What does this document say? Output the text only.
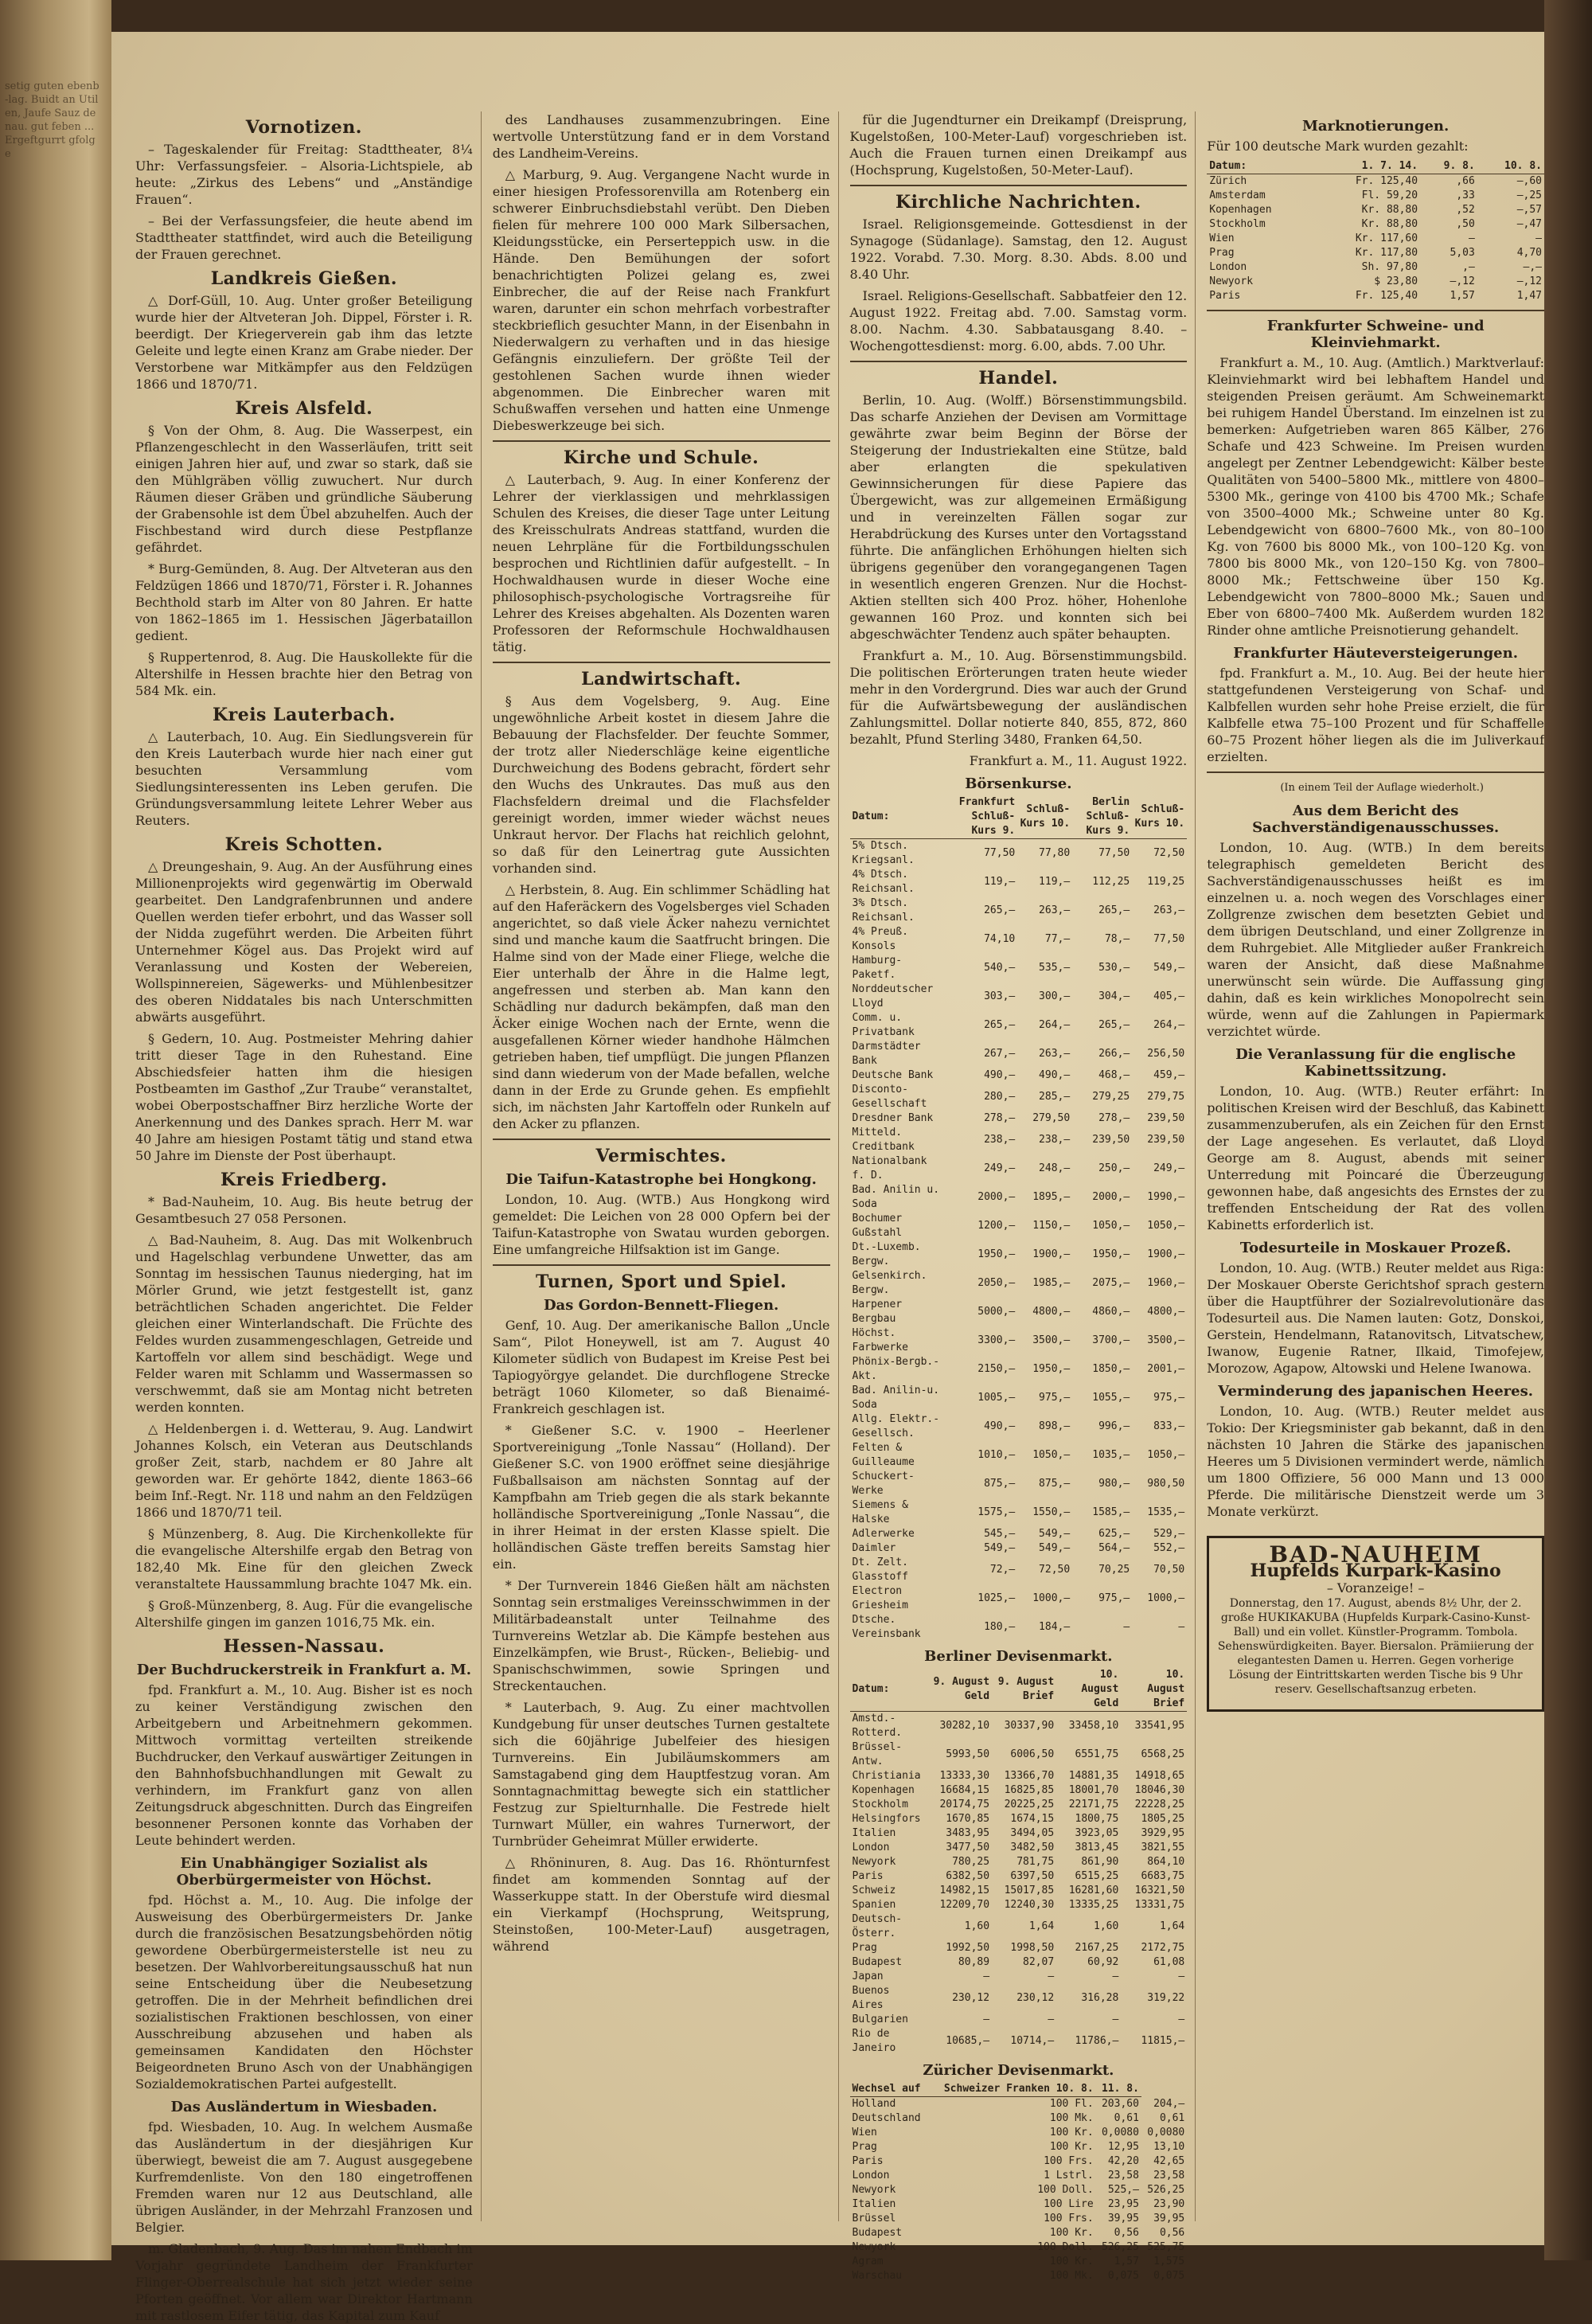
setig guten ebenb-lag. Buidt an Utilen, Jaufe Sauz denau. gut feben ...Ergeftgurrt gfolge
Vornotizen.

– Tageskalender für Freitag: Stadttheater, 8¼ Uhr: Verfassungsfeier. – Alsoria-Lichtspiele, ab heute: „Zirkus des Lebens“ und „Anständige Frauen“.

– Bei der Verfassungsfeier, die heute abend im Stadttheater stattfindet, wird auch die Beteiligung der Frauen gerechnet.

Landkreis Gießen.

△ Dorf-Güll, 10. Aug. Unter großer Beteiligung wurde hier der Altveteran Joh. Dippel, Förster i. R. beerdigt. Der Kriegerverein gab ihm das letzte Geleite und legte einen Kranz am Grabe nieder. Der Verstorbene war Mitkämpfer aus den Feldzügen 1866 und 1870/71.

Kreis Alsfeld.

§ Von der Ohm, 8. Aug. Die Wasserpest, ein Pflanzengeschlecht in den Wasserläufen, tritt seit einigen Jahren hier auf, und zwar so stark, daß sie den Mühlgräben völlig zuwuchert. Nur durch Räumen dieser Gräben und gründliche Säuberung der Grabensohle ist dem Übel abzuhelfen. Auch der Fischbestand wird durch diese Pestpflanze gefährdet.

* Burg-Gemünden, 8. Aug. Der Altveteran aus den Feldzügen 1866 und 1870/71, Förster i. R. Johannes Bechthold starb im Alter von 80 Jahren. Er hatte von 1862–1865 im 1. Hessischen Jägerbataillon gedient.

§ Ruppertenrod, 8. Aug. Die Hauskollekte für die Altershilfe in Hessen brachte hier den Betrag von 584 Mk. ein.

Kreis Lauterbach.

△ Lauterbach, 10. Aug. Ein Siedlungsverein für den Kreis Lauterbach wurde hier nach einer gut besuchten Versammlung vom Siedlungsinteressenten ins Leben gerufen. Die Gründungsversammlung leitete Lehrer Weber aus Reuters.

Kreis Schotten.

△ Dreungeshain, 9. Aug. An der Ausführung eines Millionenprojekts wird gegenwärtig im Oberwald gearbeitet. Den Landgrafenbrunnen und andere Quellen werden tiefer erbohrt, und das Wasser soll der Nidda zugeführt werden. Die Arbeiten führt Unternehmer Kögel aus. Das Projekt wird auf Veranlassung und Kosten der Webereien, Wollspinnereien, Sägewerks- und Mühlenbesitzer des oberen Niddatales bis nach Unterschmitten abwärts ausgeführt.

§ Gedern, 10. Aug. Postmeister Mehring dahier tritt dieser Tage in den Ruhestand. Eine Abschiedsfeier hatten ihm die hiesigen Postbeamten im Gasthof „Zur Traube“ veranstaltet, wobei Oberpostschaffner Birz herzliche Worte der Anerkennung und des Dankes sprach. Herr M. war 40 Jahre am hiesigen Postamt tätig und stand etwa 50 Jahre im Dienste der Post überhaupt.

Kreis Friedberg.

* Bad-Nauheim, 10. Aug. Bis heute betrug der Gesamtbesuch 27 058 Personen.

△ Bad-Nauheim, 8. Aug. Das mit Wolkenbruch und Hagelschlag verbundene Unwetter, das am Sonntag im hessischen Taunus niederging, hat im Mörler Grund, wie jetzt festgestellt ist, ganz beträchtlichen Schaden angerichtet. Die Felder gleichen einer Winterlandschaft. Die Früchte des Feldes wurden zusammengeschlagen, Getreide und Kartoffeln vor allem sind beschädigt. Wege und Felder waren mit Schlamm und Wassermassen so verschwemmt, daß sie am Montag nicht betreten werden konnten.

△ Heldenbergen i. d. Wetterau, 9. Aug. Landwirt Johannes Kolsch, ein Veteran aus Deutschlands großer Zeit, starb, nachdem er 80 Jahre alt geworden war. Er gehörte 1842, diente 1863–66 beim Inf.-Regt. Nr. 118 und nahm an den Feldzügen 1866 und 1870/71 teil.

§ Münzenberg, 8. Aug. Die Kirchenkollekte für die evangelische Altershilfe ergab den Betrag von 182,40 Mk. Eine für den gleichen Zweck veranstaltete Haussammlung brachte 1047 Mk. ein.

§ Groß-Münzenberg, 8. Aug. Für die evangelische Altershilfe gingen im ganzen 1016,75 Mk. ein.

Hessen-Nassau.
Der Buchdruckerstreik in Frankfurt a. M.

fpd. Frankfurt a. M., 10. Aug. Bisher ist es noch zu keiner Verständigung zwischen den Arbeitgebern und Arbeitnehmern gekommen. Mittwoch vormittag verteilten streikende Buchdrucker, den Verkauf auswärtiger Zeitungen in den Bahnhofsbuchhandlungen mit Gewalt zu verhindern, im Frankfurt ganz von allen Zeitungsdruck abgeschnitten. Durch das Eingreifen besonnener Personen konnte das Vorhaben der Leute behindert werden.

Ein Unabhängiger Sozialist als Oberbürgermeister von Höchst.

fpd. Höchst a. M., 10. Aug. Die infolge der Ausweisung des Oberbürgermeisters Dr. Janke durch die französischen Besatzungsbehörden nötig gewordene Oberbürgermeisterstelle ist neu zu besetzen. Der Wahlvorbereitungsausschuß hat nun seine Entscheidung über die Neubesetzung getroffen. Die in der Mehrheit befindlichen drei sozialistischen Fraktionen beschlossen, von einer Ausschreibung abzusehen und haben als gemeinsamen Kandidaten den Höchster Beigeordneten Bruno Asch von der Unabhängigen Sozialdemokratischen Partei aufgestellt.

Das Ausländertum in Wiesbaden.

fpd. Wiesbaden, 10. Aug. In welchem Ausmaße das Ausländertum in der diesjährigen Kur überwiegt, beweist die am 7. August ausgegebene Kurfremdenliste. Von den 180 eingetroffenen Fremden waren nur 12 aus Deutschland, alle übrigen Ausländer, in der Mehrzahl Franzosen und Belgier.

m. Gladenbach, 9. Aug. Das im nahen Endbach im Vorjahr gegründete Landheim der Frankfurter Flinger-Oberrealschule hat sich jetzt wieder seine Pforten geöffnet. Vor allem war Direktor Hartmann mit rastlosem Eifer tätig, das Kapital zum Kauf

des Landhauses zusammenzubringen. Eine wertvolle Unterstützung fand er in dem Vorstand des Landheim-Vereins.

△ Marburg, 9. Aug. Vergangene Nacht wurde in einer hiesigen Professorenvilla am Rotenberg ein schwerer Einbruchsdiebstahl verübt. Den Dieben fielen für mehrere 100 000 Mark Silbersachen, Kleidungsstücke, ein Perserteppich usw. in die Hände. Den Bemühungen der sofort benachrichtigten Polizei gelang es, zwei Einbrecher, die auf der Reise nach Frankfurt waren, darunter ein schon mehrfach vorbestrafter steckbrieflich gesuchter Mann, in der Eisenbahn in Niederwalgern zu verhaften und in das hiesige Gefängnis einzuliefern. Der größte Teil der gestohlenen Sachen wurde ihnen wieder abgenommen. Die Einbrecher waren mit Schußwaffen versehen und hatten eine Unmenge Diebeswerkzeuge bei sich.

Kirche und Schule.

△ Lauterbach, 9. Aug. In einer Konferenz der Lehrer der vierklassigen und mehrklassigen Schulen des Kreises, die dieser Tage unter Leitung des Kreisschulrats Andreas stattfand, wurden die neuen Lehrpläne für die Fortbildungsschulen besprochen und Richtlinien dafür aufgestellt. – In Hochwaldhausen wurde in dieser Woche eine philosophisch-psychologische Vortragsreihe für Lehrer des Kreises abgehalten. Als Dozenten waren Professoren der Reformschule Hochwaldhausen tätig.

Landwirtschaft.

§ Aus dem Vogelsberg, 9. Aug. Eine ungewöhnliche Arbeit kostet in diesem Jahre die Bebauung der Flachsfelder. Der feuchte Sommer, der trotz aller Niederschläge keine eigentliche Durchweichung des Bodens gebracht, fördert sehr den Wuchs des Unkrautes. Das muß aus den Flachsfeldern dreimal und die Flachsfelder gereinigt worden, immer wieder wächst neues Unkraut hervor. Der Flachs hat reichlich gelohnt, so daß für den Leinertrag gute Aussichten vorhanden sind.

△ Herbstein, 8. Aug. Ein schlimmer Schädling hat auf den Haferäckern des Vogelsberges viel Schaden angerichtet, so daß viele Äcker nahezu vernichtet sind und manche kaum die Saatfrucht bringen. Die Halme sind von der Made einer Fliege, welche die Eier unterhalb der Ähre in die Halme legt, angefressen und sterben ab. Man kann den Schädling nur dadurch bekämpfen, daß man den Äcker einige Wochen nach der Ernte, wenn die ausgefallenen Körner wieder handhohe Hälmchen getrieben haben, tief umpflügt. Die jungen Pflanzen sind dann wiederum von der Made befallen, welche dann in der Erde zu Grunde gehen. Es empfiehlt sich, im nächsten Jahr Kartoffeln oder Runkeln auf den Acker zu pflanzen.

Vermischtes.
Die Taifun-Katastrophe bei Hongkong.

London, 10. Aug. (WTB.) Aus Hongkong wird gemeldet: Die Leichen von 28 000 Opfern bei der Taifun-Katastrophe von Swatau wurden geborgen. Eine umfangreiche Hilfsaktion ist im Gange.

Turnen, Sport und Spiel.
Das Gordon-Bennett-Fliegen.

Genf, 10. Aug. Der amerikanische Ballon „Uncle Sam“, Pilot Honeywell, ist am 7. August 40 Kilometer südlich von Budapest im Kreise Pest bei Tapiogyörgye gelandet. Die durchflogene Strecke beträgt 1060 Kilometer, so daß Bienaimé-Frankreich geschlagen ist.

* Gießener S.C. v. 1900 – Heerlener Sportvereinigung „Tonle Nassau“ (Holland). Der Gießener S.C. von 1900 eröffnet seine diesjährige Fußballsaison am nächsten Sonntag auf der Kampfbahn am Trieb gegen die als stark bekannte holländische Sportvereinigung „Tonle Nassau“, die in ihrer Heimat in der ersten Klasse spielt. Die holländischen Gäste treffen bereits Samstag hier ein.

* Der Turnverein 1846 Gießen hält am nächsten Sonntag sein erstmaliges Vereinsschwimmen in der Militärbadeanstalt unter Teilnahme des Turnvereins Wetzlar ab. Die Kämpfe bestehen aus Einzelkämpfen, wie Brust-, Rücken-, Beliebig- und Spanischschwimmen, sowie Springen und Streckentauchen.

* Lauterbach, 9. Aug. Zu einer machtvollen Kundgebung für unser deutsches Turnen gestaltete sich die 60jährige Jubelfeier des hiesigen Turnvereins. Ein Jubiläumskommers am Samstagabend ging dem Hauptfestzug voran. Am Sonntagnachmittag bewegte sich ein stattlicher Festzug zur Spielturnhalle. Die Festrede hielt Turnwart Müller, ein wahres Turnerwort, der Turnbrüder Geheimrat Müller erwiderte.

△ Rhöninuren, 8. Aug. Das 16. Rhönturnfest findet am kommenden Sonntag auf der Wasserkuppe statt. In der Oberstufe wird diesmal ein Vierkampf (Hochsprung, Weitsprung, Steinstoßen, 100-Meter-Lauf) ausgetragen, während

für die Jugendturner ein Dreikampf (Dreisprung, Kugelstoßen, 100-Meter-Lauf) vorgeschrieben ist. Auch die Frauen turnen einen Dreikampf aus (Hochsprung, Kugelstoßen, 50-Meter-Lauf).

Kirchliche Nachrichten.

Israel. Religionsgemeinde. Gottesdienst in der Synagoge (Südanlage). Samstag, den 12. August 1922. Vorabd. 7.30. Morg. 8.30. Abds. 8.00 und 8.40 Uhr.

Israel. Religions-Gesellschaft. Sabbatfeier den 12. August 1922. Freitag abd. 7.00. Samstag vorm. 8.00. Nachm. 4.30. Sabbatausgang 8.40. – Wochengottesdienst: morg. 6.00, abds. 7.00 Uhr.

Handel.

Berlin, 10. Aug. (Wolff.) Börsenstimmungsbild. Das scharfe Anziehen der Devisen am Vormittage gewährte zwar beim Beginn der Börse der Steigerung der Industriekalten eine Stütze, bald aber erlangten die spekulativen Gewinnsicherungen für diese Papiere das Übergewicht, was zur allgemeinen Ermäßigung und in vereinzelten Fällen sogar zur Herabdrückung des Kurses unter den Vortagsstand führte. Die anfänglichen Erhöhungen hielten sich übrigens gegenüber den vorangegangenen Tagen in wesentlich engeren Grenzen. Nur die Hochst-Aktien stellten sich 400 Proz. höher, Hohenlohe gewannen 160 Proz. und konnten sich bei abgeschwächter Tendenz auch später behaupten.

Frankfurt a. M., 10. Aug. Börsenstimmungsbild. Die politischen Erörterungen traten heute wieder mehr in den Vordergrund. Dies war auch der Grund für die Aufwärtsbewegung der ausländischen Zahlungsmittel. Dollar notierte 840, 855, 872, 860 bezahlt, Pfund Sterling 3480, Franken 64,50.

Frankfurt a. M., 11. August 1922.

Börsenkurse.
Datum:	Frankfurt Schluß-Kurs 9.	Schluß-Kurs 10.	Berlin Schluß-Kurs 9.	Schluß-Kurs 10.
5% Dtsch. Kriegsanl.	77,50	77,80	77,50	72,50
4% Dtsch. Reichsanl.	119,–	119,–	112,25	119,25
3% Dtsch. Reichsanl.	265,–	263,–	265,–	263,–
4% Preuß. Konsols	74,10	77,–	78,–	77,50
Hamburg-Paketf.	540,–	535,–	530,–	549,–
Norddeutscher Lloyd	303,–	300,–	304,–	405,–
Comm. u. Privatbank	265,–	264,–	265,–	264,–
Darmstädter Bank	267,–	263,–	266,–	256,50
Deutsche Bank	490,–	490,–	468,–	459,–
Disconto-Gesellschaft	280,–	285,–	279,25	279,75
Dresdner Bank	278,–	279,50	278,–	239,50
Mitteld. Creditbank	238,–	238,–	239,50	239,50
Nationalbank f. D.	249,–	248,–	250,–	249,–
Bad. Anilin u. Soda	2000,–	1895,–	2000,–	1990,–
Bochumer Gußstahl	1200,–	1150,–	1050,–	1050,–
Dt.-Luxemb. Bergw.	1950,–	1900,–	1950,–	1900,–
Gelsenkirch. Bergw.	2050,–	1985,–	2075,–	1960,–
Harpener Bergbau	5000,–	4800,–	4860,–	4800,–
Höchst. Farbwerke	3300,–	3500,–	3700,–	3500,–
Phönix-Bergb.-Akt.	2150,–	1950,–	1850,–	2001,–
Bad. Anilin-u. Soda	1005,–	975,–	1055,–	975,–
Allg. Elektr.-Gesellsch.	490,–	898,–	996,–	833,–
Felten & Guilleaume	1010,–	1050,–	1035,–	1050,–
Schuckert-Werke	875,–	875,–	980,–	980,50
Siemens & Halske	1575,–	1550,–	1585,–	1535,–
Adlerwerke	545,–	549,–	625,–	529,–
Daimler	549,–	549,–	564,–	552,–
Dt. Zelt. Glasstoff	72,–	72,50	70,25	70,50
Electron Griesheim	1025,–	1000,–	975,–	1000,–
Dtsche. Vereinsbank	180,–	184,–	–	–
Berliner Devisenmarkt.
Datum:	9. August Geld	9. August Brief	10. August Geld	10. August Brief
Amstd.-Rotterd.	30282,10	30337,90	33458,10	33541,95
Brüssel-Antw.	5993,50	6006,50	6551,75	6568,25
Christiania	13333,30	13366,70	14881,35	14918,65
Kopenhagen	16684,15	16825,85	18001,70	18046,30
Stockholm	20174,75	20225,25	22171,75	22228,25
Helsingfors	1670,85	1674,15	1800,75	1805,25
Italien	3483,95	3494,05	3923,05	3929,95
London	3477,50	3482,50	3813,45	3821,55
Newyork	780,25	781,75	861,90	864,10
Paris	6382,50	6397,50	6515,25	6683,75
Schweiz	14982,15	15017,85	16281,60	16321,50
Spanien	12209,70	12240,30	13335,25	13331,75
Deutsch-Österr.	1,60	1,64	1,60	1,64
Prag	1992,50	1998,50	2167,25	2172,75
Budapest	80,89	82,07	60,92	61,08
Japan	—	—	—	—
Buenos Aires	230,12	230,12	316,28	319,22
Bulgarien	—	—	—	—
Rio de Janeiro	10685,–	10714,–	11786,–	11815,–
Züricher Devisenmarkt.
Wechsel auf	Schweizer Franken 10. 8.	11. 8.	
Holland	100 Fl.	203,60	204,–
Deutschland	100 Mk.	0,61	0,61
Wien	100 Kr.	0,0080	0,0080
Prag	100 Kr.	12,95	13,10
Paris	100 Frs.	42,20	42,65
London	1 Lstrl.	23,58	23,58
Newyork	100 Doll.	525,–	526,25
Italien	100 Lire	23,95	23,90
Brüssel	100 Frs.	39,95	39,95
Budapest	100 Kr.	0,56	0,56
Newyork	100 Doll.	526,25	525,75
Agram	100 Kr.	1,57	1,575
Warschau	100 Mk.	0,075	0,075
Marknotierungen.

Für 100 deutsche Mark wurden gezahlt:

Datum:	1. 7. 14.	9. 8.	10. 8.
Zürich	Fr. 125,40	,66	–,60
Amsterdam	Fl. 59,20	,33	–,25
Kopenhagen	Kr. 88,80	,52	–,57
Stockholm	Kr. 88,80	,50	–,47
Wien	Kr. 117,60	–	–
Prag	Kr. 117,80	5,03	4,70
London	Sh. 97,80	,–	–,–
Newyork	$ 23,80	–,12	–,12
Paris	Fr. 125,40	1,57	1,47
Frankfurter Schweine- und Kleinviehmarkt.

Frankfurt a. M., 10. Aug. (Amtlich.) Marktverlauf: Kleinviehmarkt wird bei lebhaftem Handel und steigenden Preisen geräumt. Am Schweinemarkt bei ruhigem Handel Überstand. Im einzelnen ist zu bemerken: Aufgetrieben waren 865 Kälber, 276 Schafe und 423 Schweine. Im Preisen wurden angelegt per Zentner Lebendgewicht: Kälber beste Qualitäten von 5400–5800 Mk., mittlere von 4800–5300 Mk., geringe von 4100 bis 4700 Mk.; Schafe von 3500–4000 Mk.; Schweine unter 80 Kg. Lebendgewicht von 6800–7600 Mk., von 80–100 Kg. von 7600 bis 8000 Mk., von 100–120 Kg. von 7800 bis 8000 Mk., von 120–150 Kg. von 7800–8000 Mk.; Fettschweine über 150 Kg. Lebendgewicht von 7800–8000 Mk.; Sauen und Eber von 6800–7400 Mk. Außerdem wurden 182 Rinder ohne amtliche Preisnotierung gehandelt.

Frankfurter Häuteversteigerungen.

fpd. Frankfurt a. M., 10. Aug. Bei der heute hier stattgefundenen Versteigerung von Schaf- und Kalbfellen wurden sehr hohe Preise erzielt, die für Kalbfelle etwa 75–100 Prozent und für Schaffelle 60–75 Prozent höher liegen als die im Juliverkauf erzielten.

(In einem Teil der Auflage wiederholt.)

Aus dem Bericht des Sachverständigenausschusses.

London, 10. Aug. (WTB.) In dem bereits telegraphisch gemeldeten Bericht des Sachverständigenausschusses heißt es im einzelnen u. a. noch wegen des Vorschlages einer Zollgrenze zwischen dem besetzten Gebiet und dem übrigen Deutschland, und einer Zollgrenze in dem Ruhrgebiet. Alle Mitglieder außer Frankreich waren der Ansicht, daß diese Maßnahme unerwünscht sein würde. Die Auffassung ging dahin, daß es kein wirkliches Monopolrecht sein würde, wenn auf die Zahlungen in Papiermark verzichtet würde.

Die Veranlassung für die englische Kabinettssitzung.

London, 10. Aug. (WTB.) Reuter erfährt: In politischen Kreisen wird der Beschluß, das Kabinett zusammenzuberufen, als ein Zeichen für den Ernst der Lage angesehen. Es verlautet, daß Lloyd George am 8. August, abends mit seiner Unterredung mit Poincaré die Überzeugung gewonnen habe, daß angesichts des Ernstes der zu treffenden Entscheidung der Rat des vollen Kabinetts erforderlich ist.

Todesurteile in Moskauer Prozeß.

London, 10. Aug. (WTB.) Reuter meldet aus Riga: Der Moskauer Oberste Gerichtshof sprach gestern über die Hauptführer der Sozialrevolutionäre das Todesurteil aus. Die Namen lauten: Gotz, Donskoi, Gerstein, Hendelmann, Ratanovitsch, Litvatschew, Iwanow, Eugenie Ratner, Ilkaid, Timofejew, Morozow, Agapow, Altowski und Helene Iwanowa.

Verminderung des japanischen Heeres.

London, 10. Aug. (WTB.) Reuter meldet aus Tokio: Der Kriegsminister gab bekannt, daß in den nächsten 10 Jahren die Stärke des japanischen Heeres um 5 Divisionen vermindert werde, nämlich um 1800 Offiziere, 56 000 Mann und 13 000 Pferde. Die militärische Dienstzeit werde um 3 Monate verkürzt.

BAD-NAUHEIM
Hupfelds Kurpark-Kasino
– Voranzeige! –

Donnerstag, den 17. August, abends 8½ Uhr, der 2. große HUKIKAKUBA (Hupfelds Kurpark-Casino-Kunst-Ball) und ein vollet. Künstler-Programm. Tombola. Sehenswürdigkeiten. Bayer. Biersalon. Prämiierung der elegantesten Damen u. Herren. Gegen vorherige Lösung der Eintrittskarten werden Tische bis 9 Uhr reserv. Gesellschaftsanzug erbeten.
